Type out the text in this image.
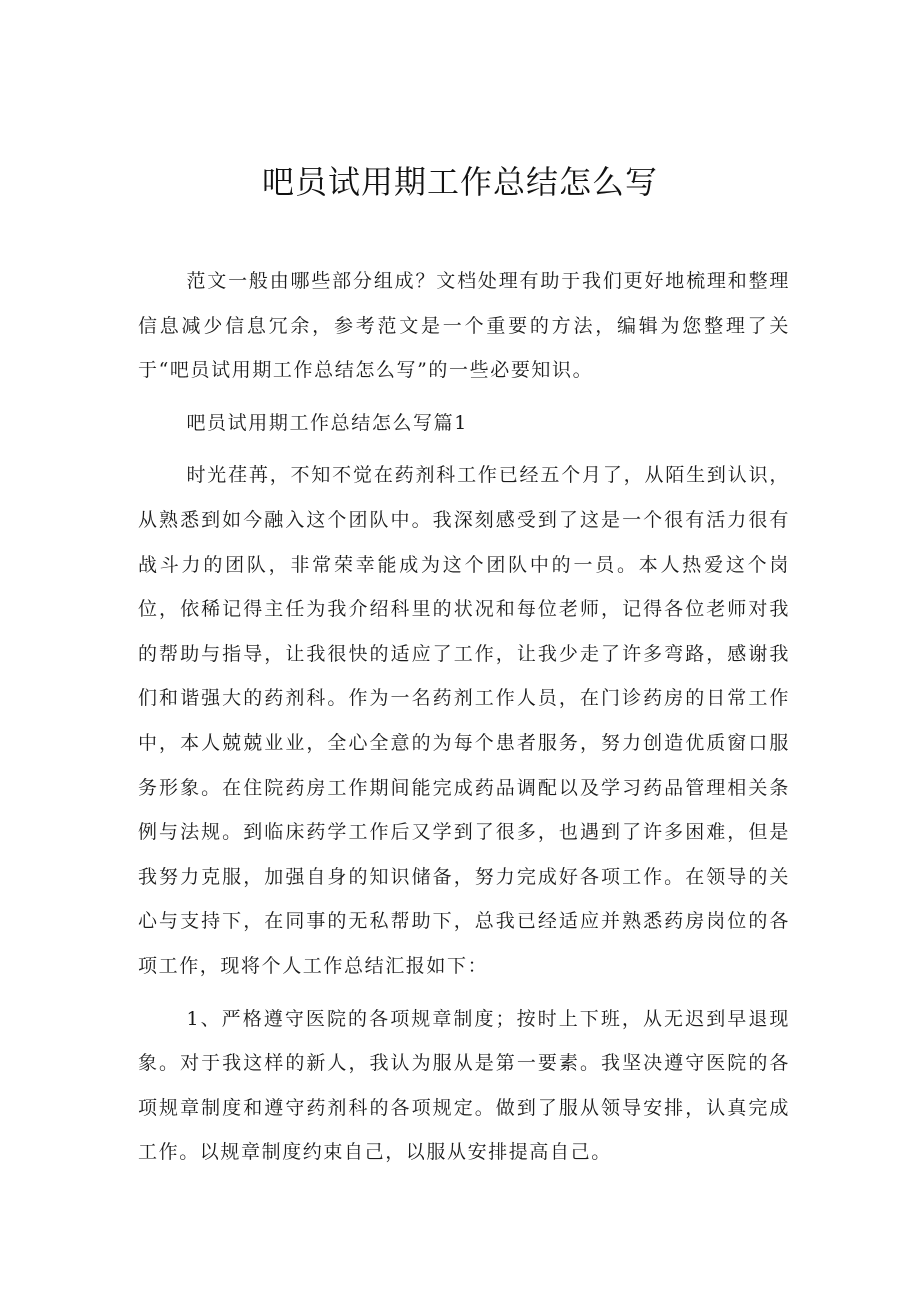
吧员试用期工作总结怎么写

范文一般由哪些部分组成？文档处理有助于我们更好地梳理和整理信息减少信息冗余，参考范文是一个重要的方法，编辑为您整理了关于“吧员试用期工作总结怎么写”的一些必要知识。

吧员试用期工作总结怎么写篇1

时光荏苒，不知不觉在药剂科工作已经五个月了，从陌生到认识，从熟悉到如今融入这个团队中。我深刻感受到了这是一个很有活力很有战斗力的团队，非常荣幸能成为这个团队中的一员。本人热爱这个岗位，依稀记得主任为我介绍科里的状况和每位老师，记得各位老师对我的帮助与指导，让我很快的适应了工作，让我少走了许多弯路，感谢我们和谐强大的药剂科。作为一名药剂工作人员，在门诊药房的日常工作中，本人兢兢业业，全心全意的为每个患者服务，努力创造优质窗口服务形象。在住院药房工作期间能完成药品调配以及学习药品管理相关条例与法规。到临床药学工作后又学到了很多，也遇到了许多困难，但是我努力克服，加强自身的知识储备，努力完成好各项工作。在领导的关心与支持下，在同事的无私帮助下，总我已经适应并熟悉药房岗位的各项工作，现将个人工作总结汇报如下：

1、严格遵守医院的各项规章制度；按时上下班，从无迟到早退现象。对于我这样的新人，我认为服从是第一要素。我坚决遵守医院的各项规章制度和遵守药剂科的各项规定。做到了服从领导安排，认真完成工作。以规章制度约束自己，以服从安排提高自己。
